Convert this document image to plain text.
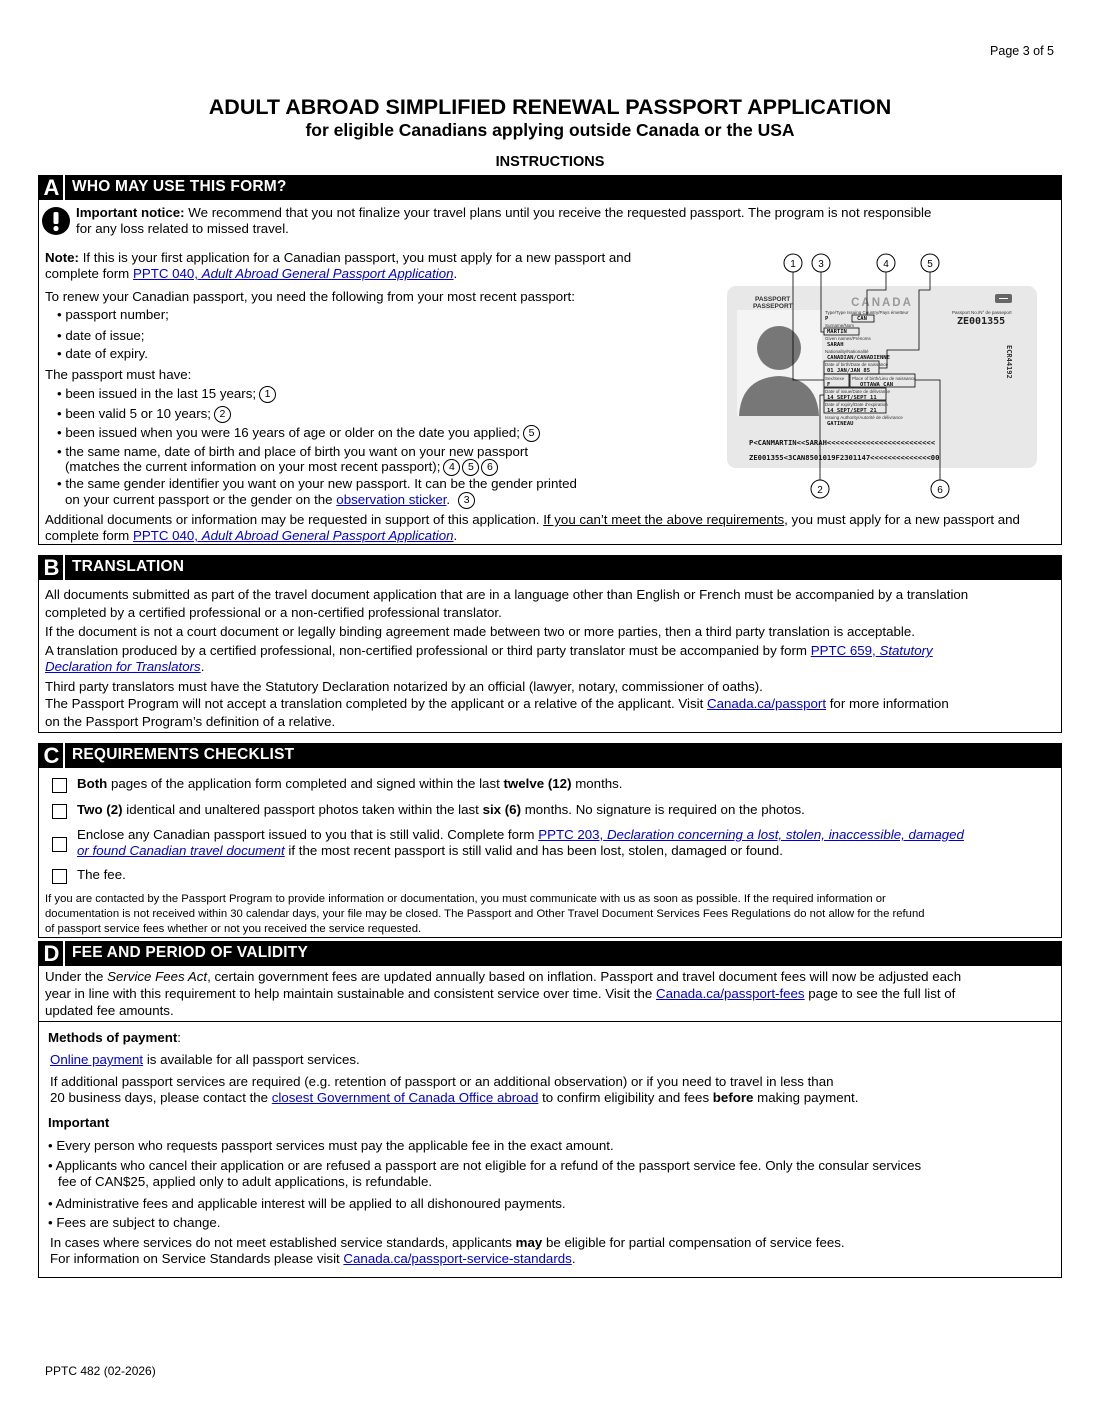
Page 3 of 5
ADULT ABROAD SIMPLIFIED RENEWAL PASSPORT APPLICATION
for eligible Canadians applying outside Canada or the USA
INSTRUCTIONS
A WHO MAY USE THIS FORM?
Important notice: We recommend that you not finalize your travel plans until you receive the requested passport. The program is not responsible
for any loss related to missed travel.
Note: If this is your first application for a Canadian passport, you must apply for a new passport and
complete form PPTC 040, Adult Abroad General Passport Application.
To renew your Canadian passport, you need the following from your most recent passport:
• passport number;
• date of issue;
• date of expiry.
The passport must have:
• been issued in the last 15 years; 1
• been valid 5 or 10 years; 2
• been issued when you were 16 years of age or older on the date you applied; 5
• the same name, date of birth and place of birth you want on your new passport
(matches the current information on your most recent passport); 4 5 6
• the same gender identifier you want on your new passport. It can be the gender printed
on your current passport or the gender on the observation sticker. 3
Additional documents or information may be requested in support of this application. If you can’t meet the above requirements, you must apply for a new passport and
complete form PPTC 040, Adult Abroad General Passport Application.
1 3	4	5
2	6
PASSPORT
PASSEPORT	CANADA
Type/Type Issuing Country/Pays émetteur	Passport No./N° de passeport
Surname/Nom
Given names/Prénoms
Nationality/Nationalité
Date of birth/Date de naissance
Sex/Sexe Place of birth/Lieu de naissance
Date of issue/Date de délivrance
Date of expiry/Date d'expiration
Issuing Authority/Autorité de délivrance
P	CAN
MARTIN
SARAH
CANADIAN/CANADIENNE
01 JAN/JAN 85
F	OTTAWA CAN
14 SEPT/SEPT 11
14 SEPT/SEPT 21
GATINEAU
ZE001355
ECR44192
P<CANMARTIN<<SARAH<<<<<<<<<<<<<<<<<<<<<<<<<
ZE001355<3CAN8501019F2301147<<<<<<<<<<<<<<00
B TRANSLATION
All documents submitted as part of the travel document application that are in a language other than English or French must be accompanied by a translation
completed by a certified professional or a non-certified professional translator.
If the document is not a court document or legally binding agreement made between two or more parties, then a third party translation is acceptable.
A translation produced by a certified professional, non-certified professional or third party translator must be accompanied by form PPTC 659, Statutory
Declaration for Translators.
Third party translators must have the Statutory Declaration notarized by an official (lawyer, notary, commissioner of oaths).
The Passport Program will not accept a translation completed by the applicant or a relative of the applicant. Visit Canada.ca/passport for more information
on the Passport Program’s definition of a relative.
C REQUIREMENTS CHECKLIST
Both pages of the application form completed and signed within the last twelve (12) months.
Two (2) identical and unaltered passport photos taken within the last six (6) months. No signature is required on the photos.
Enclose any Canadian passport issued to you that is still valid. Complete form PPTC 203, Declaration concerning a lost, stolen, inaccessible, damaged
or found Canadian travel document if the most recent passport is still valid and has been lost, stolen, damaged or found.
The fee.
If you are contacted by the Passport Program to provide information or documentation, you must communicate with us as soon as possible. If the required information or
documentation is not received within 30 calendar days, your file may be closed. The Passport and Other Travel Document Services Fees Regulations do not allow for the refund
of passport service fees whether or not you received the service requested.
D FEE AND PERIOD OF VALIDITY
Under the Service Fees Act, certain government fees are updated annually based on inflation. Passport and travel document fees will now be adjusted each
year in line with this requirement to help maintain sustainable and consistent service over time. Visit the Canada.ca/passport-fees page to see the full list of
updated fee amounts.
Methods of payment:
Online payment is available for all passport services.
If additional passport services are required (e.g. retention of passport or an additional observation) or if you need to travel in less than
20 business days, please contact the closest Government of Canada Office abroad to confirm eligibility and fees before making payment.
Important
• Every person who requests passport services must pay the applicable fee in the exact amount.
• Applicants who cancel their application or are refused a passport are not eligible for a refund of the passport service fee. Only the consular services
fee of CAN$25, applied only to adult applications, is refundable.
• Administrative fees and applicable interest will be applied to all dishonoured payments.
• Fees are subject to change.
In cases where services do not meet established service standards, applicants may be eligible for partial compensation of service fees.
For information on Service Standards please visit Canada.ca/passport-service-standards.
PPTC 482 (02-2026)
